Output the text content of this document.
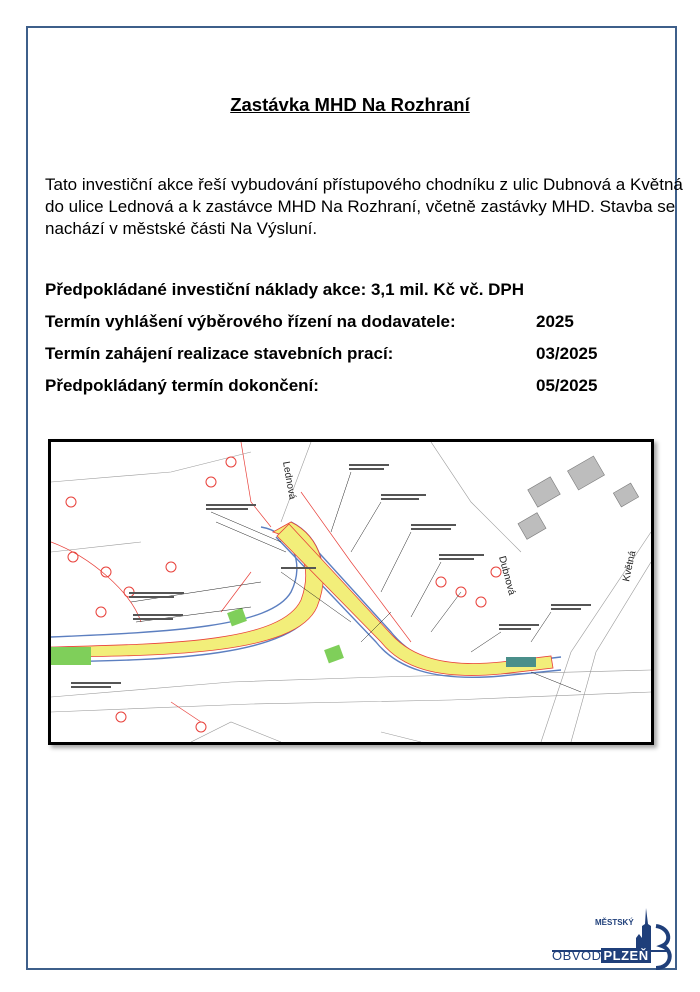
Zastávka MHD Na Rozhraní
Tato investiční akce řeší vybudování přístupového chodníku z ulic Dubnová a Květná do ulice Lednová a k zastávce MHD Na Rozhraní, včetně zastávky MHD. Stavba se nachází v městské části Na Výsluní.
Předpokládané investiční náklady akce: 3,1 mil. Kč vč. DPH
Termín vyhlášení výběrového řízení na dodavatele:	2025
Termín zahájení realizace stavebních prací:	03/2025
Předpokládaný termín dokončení:	05/2025
Lednová
Dubnová	Květná
MĚSTSKÝ
OBVOD PLZEŇ
